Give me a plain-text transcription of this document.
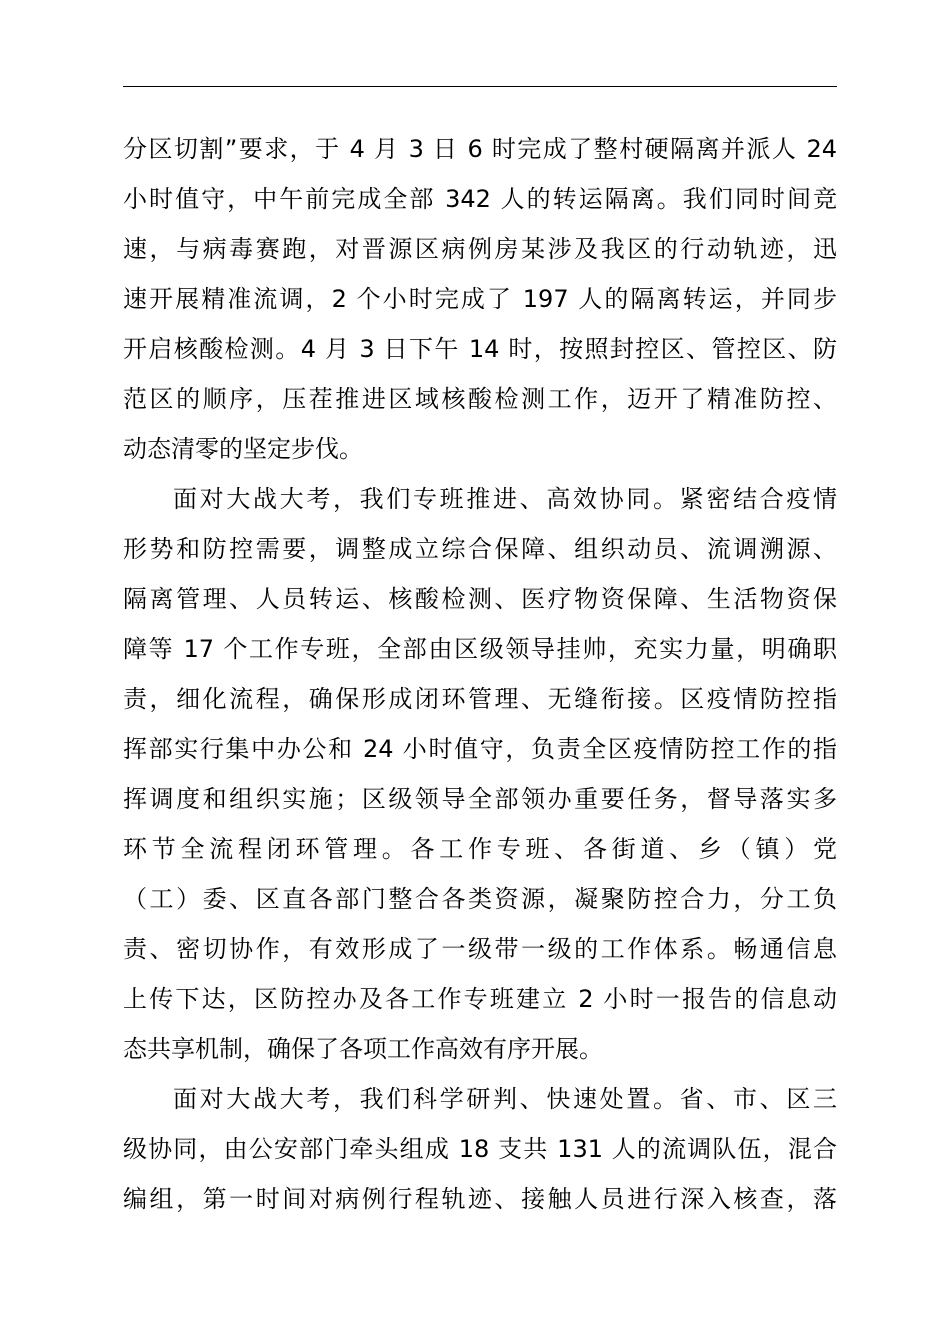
分区切割”要求，于 4 月 3 日 6 时完成了整村硬隔离并派人 24
小时值守，中午前完成全部 342 人的转运隔离。我们同时间竞
速，与病毒赛跑，对晋源区病例房某涉及我区的行动轨迹，迅
速开展精准流调，2 个小时完成了 197 人的隔离转运，并同步
开启核酸检测。4 月 3 日下午 14 时，按照封控区、管控区、防
范区的顺序，压茬推进区域核酸检测工作，迈开了精准防控、
动态清零的坚定步伐。
面对大战大考，我们专班推进、高效协同。紧密结合疫情
形势和防控需要，调整成立综合保障、组织动员、流调溯源、
隔离管理、人员转运、核酸检测、医疗物资保障、生活物资保
障等 17 个工作专班，全部由区级领导挂帅，充实力量，明确职
责，细化流程，确保形成闭环管理、无缝衔接。区疫情防控指
挥部实行集中办公和 24 小时值守，负责全区疫情防控工作的指
挥调度和组织实施；区级领导全部领办重要任务，督导落实多
环节全流程闭环管理。各工作专班、各街道、乡（镇）党
（工）委、区直各部门整合各类资源，凝聚防控合力，分工负
责、密切协作，有效形成了一级带一级的工作体系。畅通信息
上传下达，区防控办及各工作专班建立 2 小时一报告的信息动
态共享机制，确保了各项工作高效有序开展。
面对大战大考，我们科学研判、快速处置。省、市、区三
级协同，由公安部门牵头组成 18 支共 131 人的流调队伍，混合
编组，第一时间对病例行程轨迹、接触人员进行深入核查，落
